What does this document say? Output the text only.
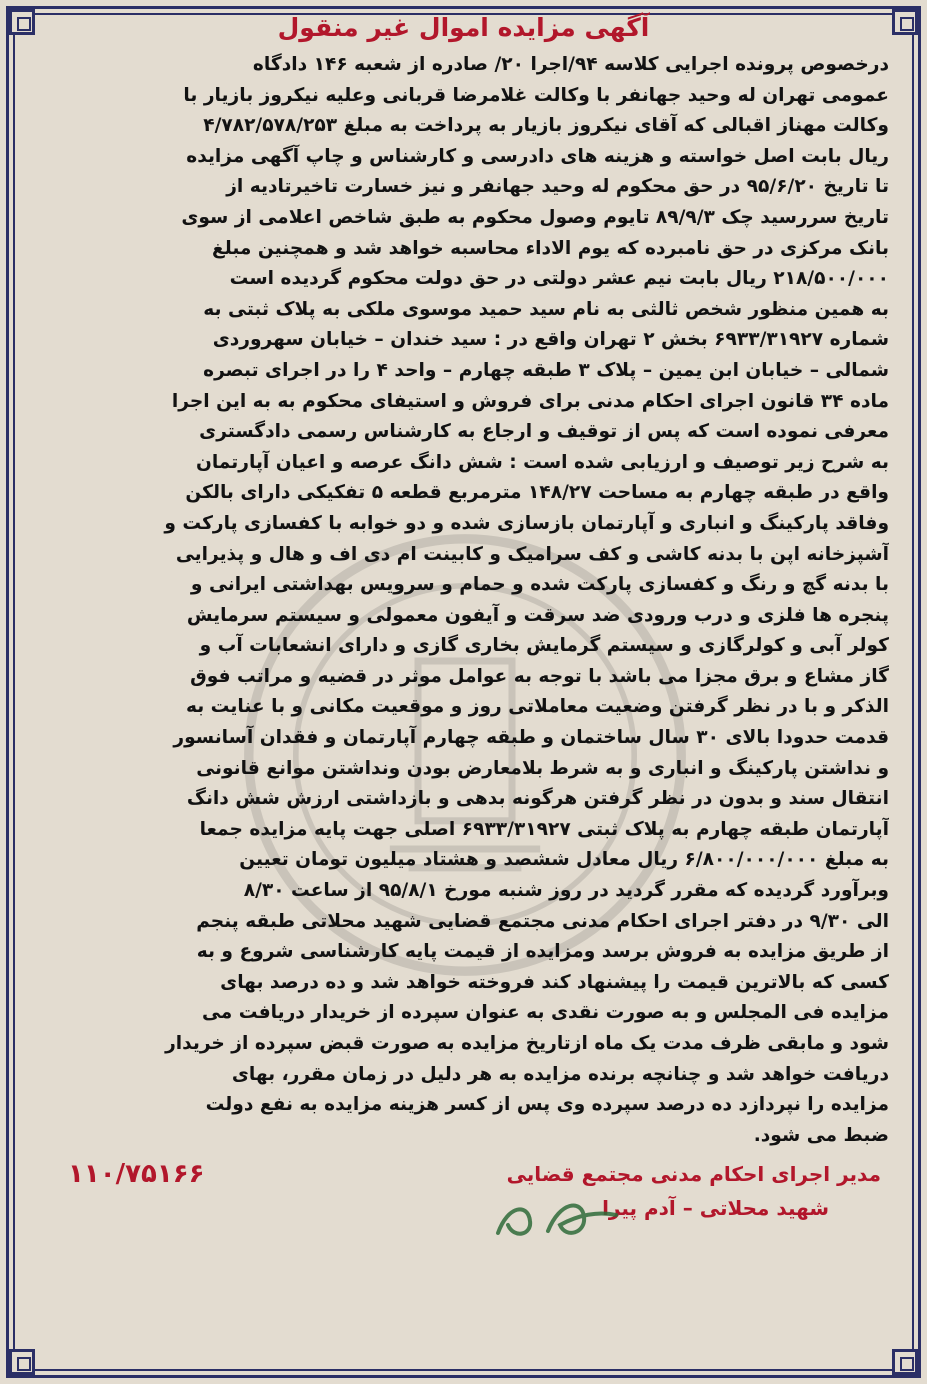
آگهی مزایده اموال غیر منقول

درخصوص پرونده اجرایی کلاسه ۹۴/اجرا ۲۰/ صادره از شعبه ۱۴۶ دادگاه
عمومی تهران له وحید جهانفر با وکالت غلامرضا قربانی وعلیه نیکروز بازیار با
وکالت مهناز اقبالی که آقای نیکروز بازیار به پرداخت به مبلغ ۴/۷۸۲/۵۷۸/۲۵۳
ریال بابت اصل خواسته و هزینه های دادرسی و کارشناس و چاپ آگهی مزایده
تا تاریخ ۹۵/۶/۲۰ در حق محکوم له وحید جهانفر و نیز خسارت تاخیرتادیه از
تاریخ سررسید چک ۸۹/۹/۳ تایوم وصول محکوم به طبق شاخص اعلامی از سوی
بانک مرکزی در حق نامبرده که یوم الاداء محاسبه خواهد شد و همچنین مبلغ
۲۱۸/۵۰۰/۰۰۰ ریال بابت نیم عشر دولتی در حق دولت محکوم گردیده است
به همین منظور شخص ثالثی به نام سید حمید موسوی ملکی به پلاک ثبتی به
شماره ۶۹۳۳/۳۱۹۲۷ بخش ۲ تهران واقع در : سید خندان – خیابان سهروردی
شمالی – خیابان ابن یمین – پلاک ۳ طبقه چهارم – واحد ۴ را در اجرای تبصره
ماده ۳۴ قانون اجرای احکام مدنی برای فروش و استیفای محکوم به به این اجرا
معرفی نموده است که پس از توقیف و ارجاع به کارشناس رسمی دادگستری
به شرح زیر توصیف و ارزیابی شده است : شش دانگ عرصه و اعیان آپارتمان
واقع در طبقه چهارم به مساحت ۱۴۸/۲۷ مترمربع قطعه ۵ تفکیکی دارای بالکن
وفاقد پارکینگ و انباری و آپارتمان بازسازی شده و دو خوابه با کفسازی پارکت و
آشپزخانه اپن با بدنه کاشی و کف سرامیک و کابینت ام دی اف و هال و پذیرایی
با بدنه گچ و رنگ و کفسازی پارکت شده و حمام و سرویس بهداشتی ایرانی و
پنجره ها فلزی و درب ورودی ضد سرقت و آیفون معمولی و سیستم سرمایش
کولر آبی و کولرگازی و سیستم گرمایش بخاری گازی و دارای انشعابات آب و
گاز مشاع و برق مجزا می باشد با توجه به عوامل موثر در قضیه و مراتب فوق
الذکر و با در نظر گرفتن وضعیت معاملاتی روز و موقعیت مکانی و با عنایت به
قدمت حدودا بالای ۳۰ سال ساختمان و طبقه چهارم آپارتمان و فقدان آسانسور
و نداشتن پارکینگ و انباری و به شرط بلامعارض بودن ونداشتن موانع قانونی
انتقال سند و بدون در نظر گرفتن هرگونه بدهی و بازداشتی ارزش شش دانگ
آپارتمان طبقه چهارم به پلاک ثبتی ۶۹۳۳/۳۱۹۲۷ اصلی جهت پایه مزایده جمعا
به مبلغ ۶/۸۰۰/۰۰۰/۰۰۰ ریال معادل ششصد و هشتاد میلیون تومان تعیین
وبرآورد گردیده که مقرر گردید در روز شنبه مورخ ۹۵/۸/۱ از ساعت ۸/۳۰
الی ۹/۳۰ در دفتر اجرای احکام مدنی مجتمع قضایی شهید محلاتی طبقه پنجم
از طریق مزایده به فروش برسد ومزایده از قیمت پایه کارشناسی شروع و به
کسی که بالاترین قیمت را پیشنهاد کند فروخته خواهد شد و ده درصد بهای
مزایده فی المجلس و به صورت نقدی به عنوان سپرده از خریدار دریافت می
شود و مابقی ظرف مدت یک ماه ازتاریخ مزایده به صورت قبض سپرده از خریدار
دریافت خواهد شد و چنانچه برنده مزایده به هر دلیل در زمان مقرر، بهای
مزایده را نپردازد ده درصد سپرده وی پس از کسر هزینه مزایده به نفع دولت
ضبط می شود.

مدیر اجرای احکام مدنی مجتمع قضایی
شهید محلاتی – آدم پیرا
۱۱۰/۷۵۱۶۶
